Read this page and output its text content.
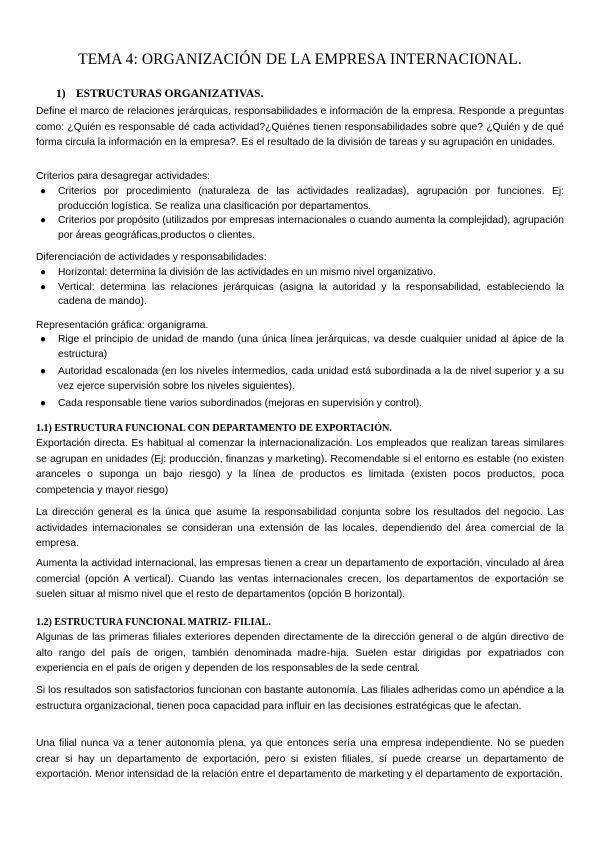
TEMA 4: ORGANIZACIÓN DE LA EMPRESA INTERNACIONAL.
1) ESTRUCTURAS ORGANIZATIVAS.

Define el marco de relaciones jerárquicas, responsabilidades e información de la empresa. Responde a preguntas como: ¿Quién es responsable dé cada actividad?¿Quiénes tienen responsabilidades sobre que? ¿Quién y de qué forma circula la información en la empresa?. Es el resultado de la división de tareas y su agrupación en unidades.

Criterios para desagregar actividades:

● Criterios por procedimiento (naturaleza de las actividades realizadas), agrupación por funciones. Ej: producción logística. Se realiza una clasificación por departamentos.
● Criterios por propósito (utilizados por empresas internacionales o cuando aumenta la complejidad), agrupación por áreas geográficas,productos o clientes.

Diferenciación de actividades y responsabilidades:

● Horizontal: determina la división de las actividades en un mismo nivel organizativo.
● Vertical: determina las relaciones jerárquicas (asigna la autoridad y la responsabilidad, estableciendo la cadena de mando).

Representación gráfica: organigrama.

● Rige el principio de unidad de mando (una única línea jerárquicas, va desde cualquier unidad al ápice de la estructura)
● Autoridad escalonada (en los niveles intermedios, cada unidad está subordinada a la de nivel superior y a su vez ejerce supervisión sobre los niveles siguientes).
● Cada responsable tiene varios subordinados (mejoras en supervisión y control).
1.1) ESTRUCTURA FUNCIONAL CON DEPARTAMENTO DE EXPORTACIÓN.

Exportación directa. Es habitual al comenzar la internacionalización. Los empleados que realizan tareas similares se agrupan en unidades (Ej: producción, finanzas y marketing). Recomendable si el entorno es estable (no existen aranceles o suponga un bajo riesgo) y la línea de productos es limitada (existen pocos productos, poca competencia y mayor riesgo)

La dirección general es la única que asume la responsabilidad conjunta sobre los resultados del negocio. Las actividades internacionales se consideran una extensión de las locales, dependiendo del área comercial de la empresa.

Aumenta la actividad internacional, las empresas tienen a crear un departamento de exportación, vinculado al área comercial (opción A vertical). Cuando las ventas internacionales crecen, los departamentos de exportación se suelen situar al mismo nivel que el resto de departamentos (opción B horizontal).

1.2) ESTRUCTURA FUNCIONAL MATRIZ- FILIAL.

Algunas de las primeras filiales exteriores dependen directamente de la dirección general o de algún directivo de alto rango del país de origen, también denominada madre-hija. Suelen estar dirigidas por expatriados con experiencia en el país de origen y dependen de los responsables de la sede central.

Si los resultados son satisfactorios funcionan con bastante autonomía. Las filiales adheridas como un apéndice a la estructura organizacional, tienen poca capacidad para influir en las decisiones estratégicas que le afectan.

Una filial nunca va a tener autonomía plena, ya que entonces sería una empresa independiente. No se pueden crear si hay un departamento de exportación, pero si existen filiales, sí puede crearse un departamento de exportación. Menor intensidad de la relación entre el departamento de marketing y el departamento de exportación.
